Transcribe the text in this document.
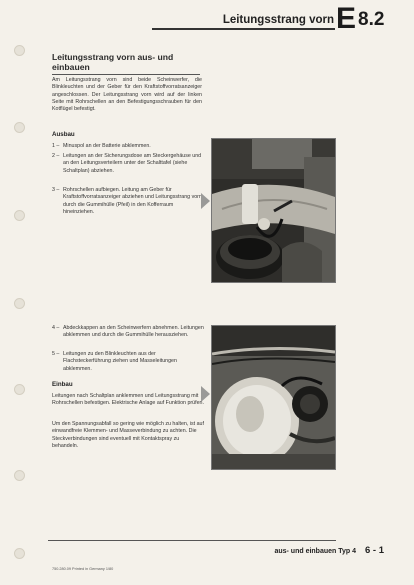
Leitungsstrang vorn E 8.2
Leitungsstrang vorn aus- und einbauen
Am Leitungsstrang vorn sind beide Scheinwerfer, die Blinkleuchten und der Geber für den Kraftstoffvorratsanzeiger angeschlossen. Der Leitungsstrang vorn wird auf der linken Seite mit Rohrschellen an den Befestigungsschrauben für den Kotflügel befestigt.
Ausbau
1 – Minuspol an der Batterie abklemmen.
2 – Leitungen an der Sicherungsdose am Steckergehäuse und an den Leitungsverteilern unter der Schalttafel (siehe Schaltplan) abziehen.
3 – Rohrschellen aufbiegen. Leitung am Geber für Kraftstoffvorratsanzeiger abziehen und Leitungsstrang vorn durch die Gummihülle (Pfeil) in den Kofferraum hineinziehen.
4 – Abdeckkappen an den Scheinwerfern abnehmen. Leitungen abklemmen und durch die Gummihülle herausziehen.
5 – Leitungen zu den Blinkleuchten aus der Flachsteckerführung ziehen und Masseleitungen abklemmen.
Einbau
Leitungen nach Schaltplan anklemmen und Leitungsstrang mit Rohrschellen befestigen. Elektrische Anlage auf Funktion prüfen.
Um den Spannungsabfall so gering wie möglich zu halten, ist auf einwandfreie Klemmen- und Masseverbindung zu achten. Die Steckverbindungen sind eventuell mit Kontaktspray zu behandeln.
aus- und einbauen Typ 4 6 - 1
750.280.09 Printed in Germany 1/80
